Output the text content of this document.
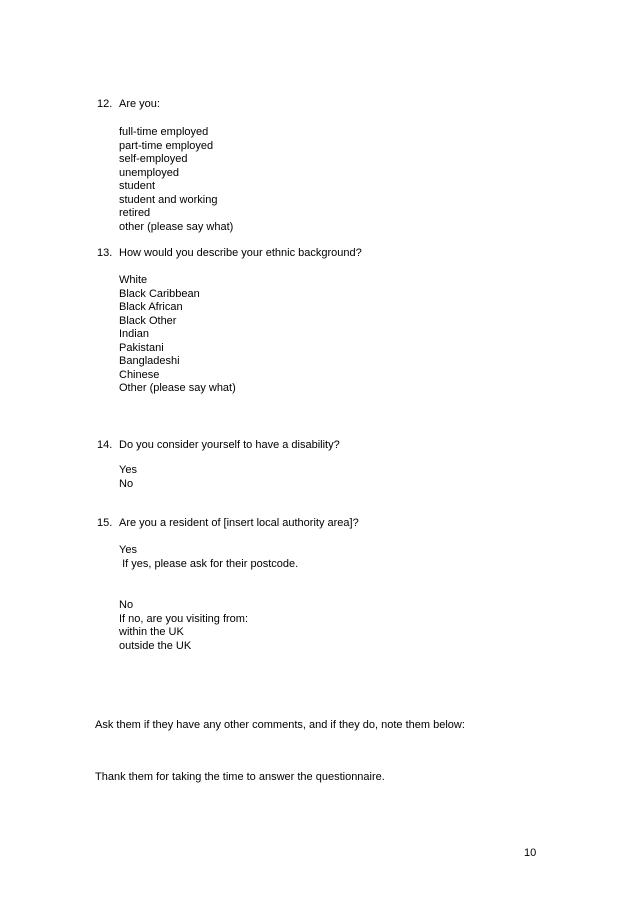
12. Are you:
full-time employed
part-time employed
self-employed
unemployed
student
student and working
retired
other (please say what)
13. How would you describe your ethnic background?
White
Black Caribbean
Black African
Black Other
Indian
Pakistani
Bangladeshi
Chinese
Other (please say what)
14. Do you consider yourself to have a disability?
Yes
No
15. Are you a resident of [insert local authority area]?
Yes
If yes, please ask for their postcode.
No
If no, are you visiting from:
within the UK
outside the UK
Ask them if they have any other comments, and if they do, note them below:
Thank them for taking the time to answer the questionnaire.
10
